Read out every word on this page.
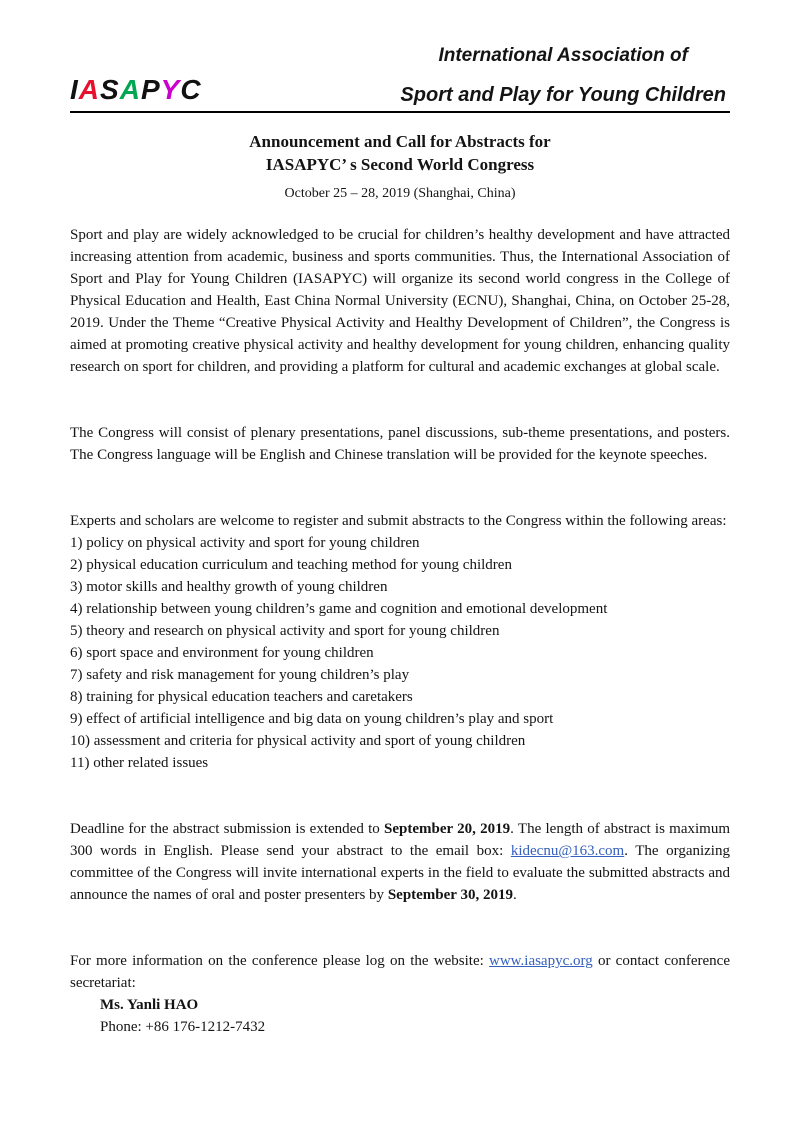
IASAPYC
International Association of
Sport and Play for Young Children
Announcement and Call for Abstracts for
IASAPYC’ s Second World Congress
October 25 – 28, 2019 (Shanghai, China)

Sport and play are widely acknowledged to be crucial for children’s healthy development and have attracted increasing attention from academic, business and sports communities. Thus, the International Association of Sport and Play for Young Children (IASAPYC) will organize its second world congress in the College of Physical Education and Health, East China Normal University (ECNU), Shanghai, China, on October 25-28, 2019. Under the Theme “Creative Physical Activity and Healthy Development of Children”, the Congress is aimed at promoting creative physical activity and healthy development for young children, enhancing quality research on sport for children, and providing a platform for cultural and academic exchanges at global scale.

The Congress will consist of plenary presentations, panel discussions, sub-theme presentations, and posters. The Congress language will be English and Chinese translation will be provided for the keynote speeches.

Experts and scholars are welcome to register and submit abstracts to the Congress within the following areas:

1) policy on physical activity and sport for young children
2) physical education curriculum and teaching method for young children
3) motor skills and healthy growth of young children
4) relationship between young children’s game and cognition and emotional development
5) theory and research on physical activity and sport for young children
6) sport space and environment for young children
7) safety and risk management for young children’s play
8) training for physical education teachers and caretakers
9) effect of artificial intelligence and big data on young children’s play and sport
10) assessment and criteria for physical activity and sport of young children
11) other related issues

Deadline for the abstract submission is extended to September 20, 2019. The length of abstract is maximum 300 words in English. Please send your abstract to the email box: kidecnu@163.com. The organizing committee of the Congress will invite international experts in the field to evaluate the submitted abstracts and announce the names of oral and poster presenters by September 30, 2019.

For more information on the conference please log on the website: www.iasapyc.org or contact conference secretariat:

Ms. Yanli HAO
Phone: +86 176-1212-7432
